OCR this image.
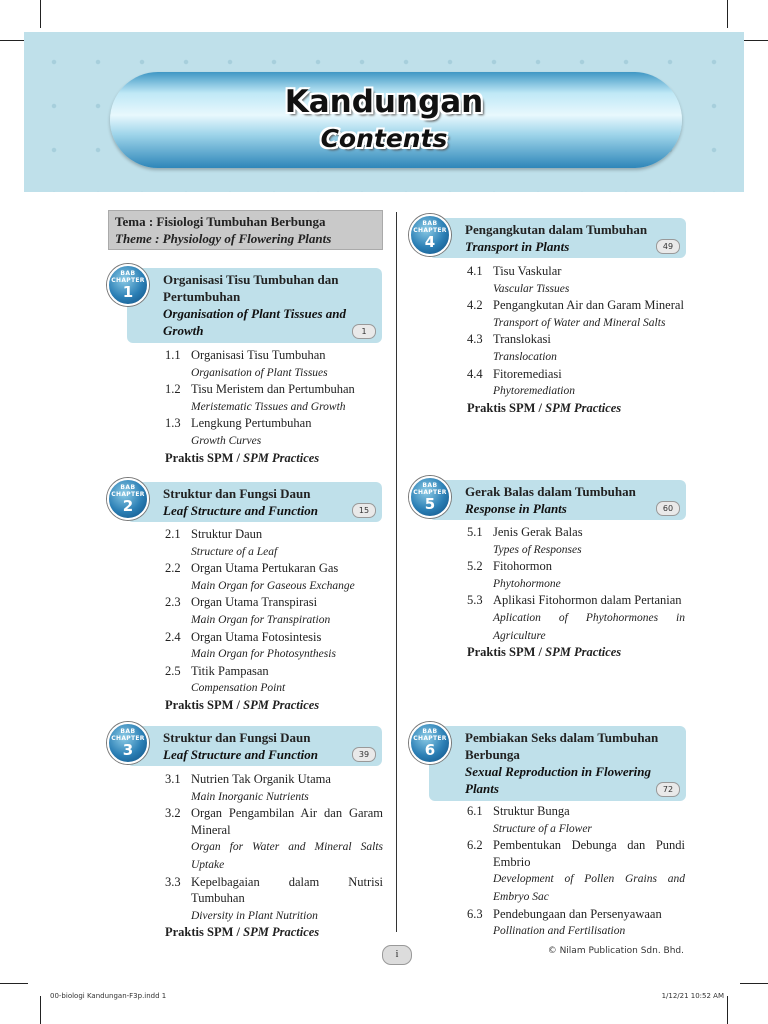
Kandungan
Contents
Tema : Fisiologi Tumbuhan Berbunga
Theme : Physiology of Flowering Plants
Organisasi Tisu Tumbuhan dan Pertumbuhan
Organisation of Plant Tissues and Growth	1
BAB
CHAPTER
1
1.1 Organisasi Tisu Tumbuhan
Organisation of Plant Tissues
1.2 Tisu Meristem dan Pertumbuhan
Meristematic Tissues and Growth
1.3 Lengkung Pertumbuhan
Growth Curves
Praktis SPM / SPM Practices
Struktur dan Fungsi Daun
Leaf Structure and Function	15
BAB
CHAPTER
2
2.1 Struktur Daun
Structure of a Leaf
2.2 Organ Utama Pertukaran Gas
Main Organ for Gaseous Exchange
2.3 Organ Utama Transpirasi
Main Organ for Transpiration
2.4 Organ Utama Fotosintesis
Main Organ for Photosynthesis
2.5 Titik Pampasan
Compensation Point
Praktis SPM / SPM Practices
Struktur dan Fungsi Daun
Leaf Structure and Function	39
BAB
CHAPTER
3
3.1 Nutrien Tak Organik Utama
Main Inorganic Nutrients
3.2 Organ Pengambilan Air dan Garam Mineral
Organ for Water and Mineral Salts Uptake
3.3 Kepelbagaian dalam Nutrisi Tumbuhan
Diversity in Plant Nutrition
Praktis SPM / SPM Practices
Pengangkutan dalam Tumbuhan
Transport in Plants	49
BAB
CHAPTER
4
4.1 Tisu Vaskular
Vascular Tissues
4.2 Pengangkutan Air dan Garam Mineral
Transport of Water and Mineral Salts
4.3 Translokasi
Translocation
4.4 Fitoremediasi
Phytoremediation
Praktis SPM / SPM Practices
Gerak Balas dalam Tumbuhan
Response in Plants	60
BAB
CHAPTER
5
5.1 Jenis Gerak Balas
Types of Responses
5.2 Fitohormon
Phytohormone
5.3 Aplikasi Fitohormon dalam Pertanian
Aplication of Phytohormones in Agriculture
Praktis SPM / SPM Practices
Pembiakan Seks dalam Tumbuhan Berbunga
Sexual Reproduction in Flowering Plants	72
BAB
CHAPTER
6
6.1 Struktur Bunga
Structure of a Flower
6.2 Pembentukan Debunga dan Pundi Embrio
Development of Pollen Grains and Embryo Sac
6.3 Pendebungaan dan Persenyawaan
Pollination and Fertilisation
i	© Nilam Publication Sdn. Bhd.
00-biologi Kandungan-F3p.indd 1	1/12/21 10:52 AM
